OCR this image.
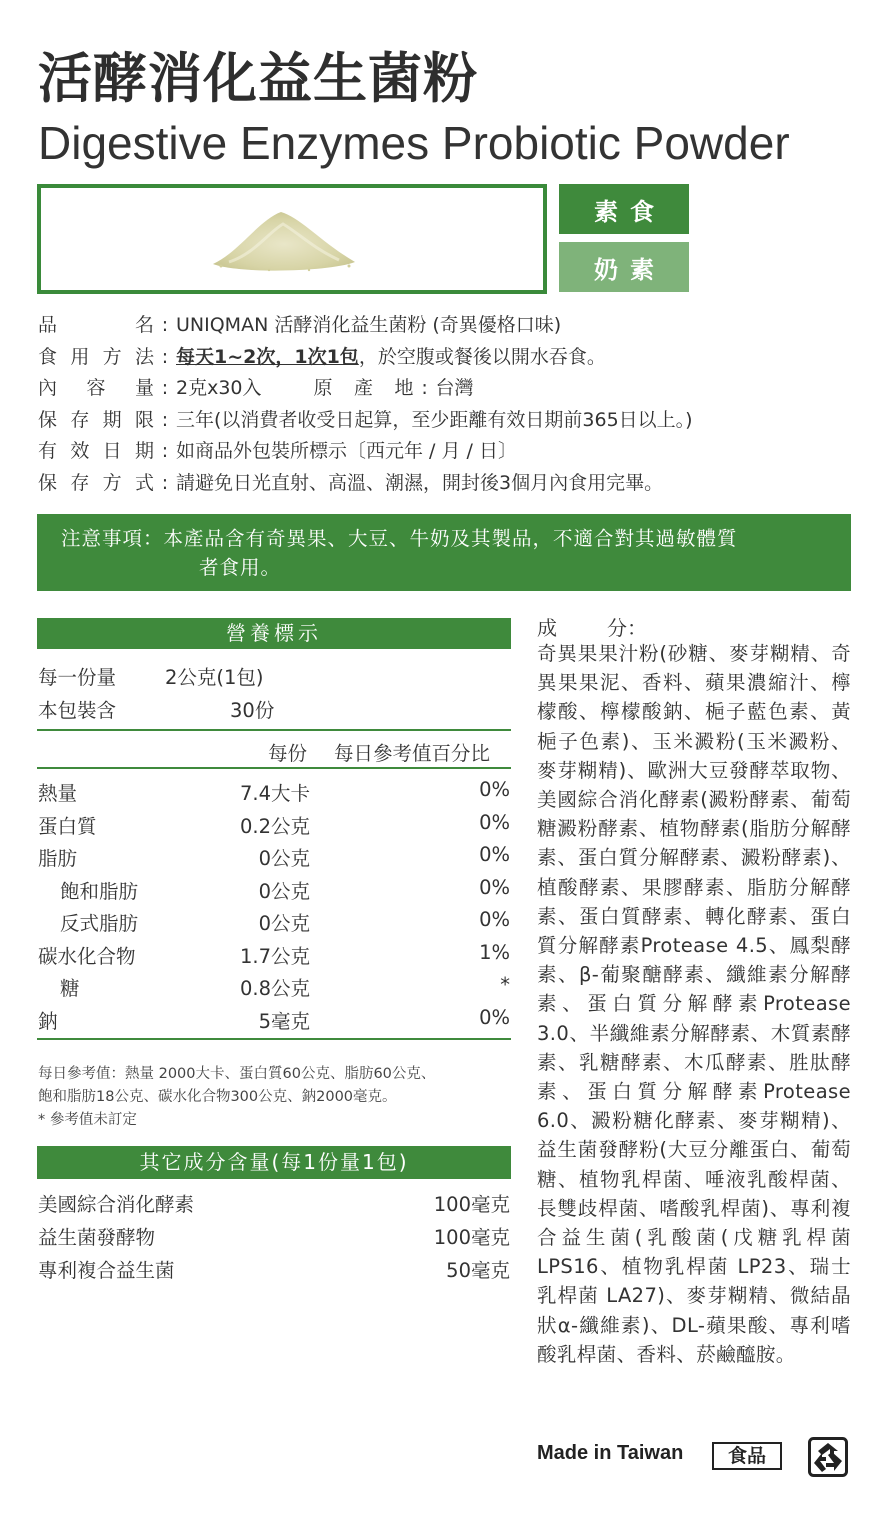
活酵消化益生菌粉
Digestive Enzymes Probiotic Powder
素食
奶素
品名 : UNIQMAN 活酵消化益生菌粉 (奇異優格口味)
食用方法 : 每天1~2次，1次1包，於空腹或餐後以開水吞食。
內容量 : 2克x30入	原產地 : 台灣
保存期限 : 三年(以消費者收受日起算，至少距離有效日期前365日以上。)
有效日期 : 如商品外包裝所標示〔西元年 / 月 / 日〕
保存方式 : 請避免日光直射、高溫、潮濕，開封後3個月內食用完畢。
注意事項：本產品含有奇異果、大豆、牛奶及其製品，不適合對其過敏體質
者食用。
營養標示
每一份量	2公克(1包)
本包裝含	30份
每份 每日參考值百分比
熱量	7.4大卡	0%
蛋白質	0.2公克	0%
脂肪	0公克	0%
飽和脂肪	0公克	0%
反式脂肪	0公克	0%
碳水化合物	1.7公克	1%
糖	0.8公克	*
鈉	5毫克	0%
每日參考值：熱量 2000大卡、蛋白質60公克、脂肪60公克、
飽和脂肪18公克、碳水化合物300公克、鈉2000毫克。
* 參考值未訂定
其它成分含量(每1份量1包)
美國綜合消化酵素	100毫克
益生菌發酵物	100毫克
專利複合益生菌	50毫克
成	分：
奇異果果汁粉(砂糖、麥芽糊精、奇異果果泥、香料、蘋果濃縮汁、檸檬酸、檸檬酸鈉、梔子藍色素、黃梔子色素)、玉米澱粉(玉米澱粉、麥芽糊精)、歐洲大豆發酵萃取物、美國綜合消化酵素(澱粉酵素、葡萄糖澱粉酵素、植物酵素(脂肪分解酵素、蛋白質分解酵素、澱粉酵素)、植酸酵素、果膠酵素、脂肪分解酵素、蛋白質酵素、轉化酵素、蛋白質分解酵素Protease 4.5、鳳梨酵素、β-葡聚醣酵素、纖維素分解酵素、蛋白質分解酵素Protease 3.0、半纖維素分解酵素、木質素酵素、乳糖酵素、木瓜酵素、胜肽酵素、蛋白質分解酵素Protease 6.0、澱粉糖化酵素、麥芽糊精)、益生菌發酵粉(大豆分離蛋白、葡萄糖、植物乳桿菌、唾液乳酸桿菌、長雙歧桿菌、嗜酸乳桿菌)、專利複合益生菌(乳酸菌(戊糖乳桿菌LPS16、植物乳桿菌 LP23、瑞士乳桿菌 LA27)、麥芽糊精、微結晶狀α-纖維素)、DL-蘋果酸、專利嗜酸乳桿菌、香料、菸鹼醯胺。
Made in Taiwan	食品
